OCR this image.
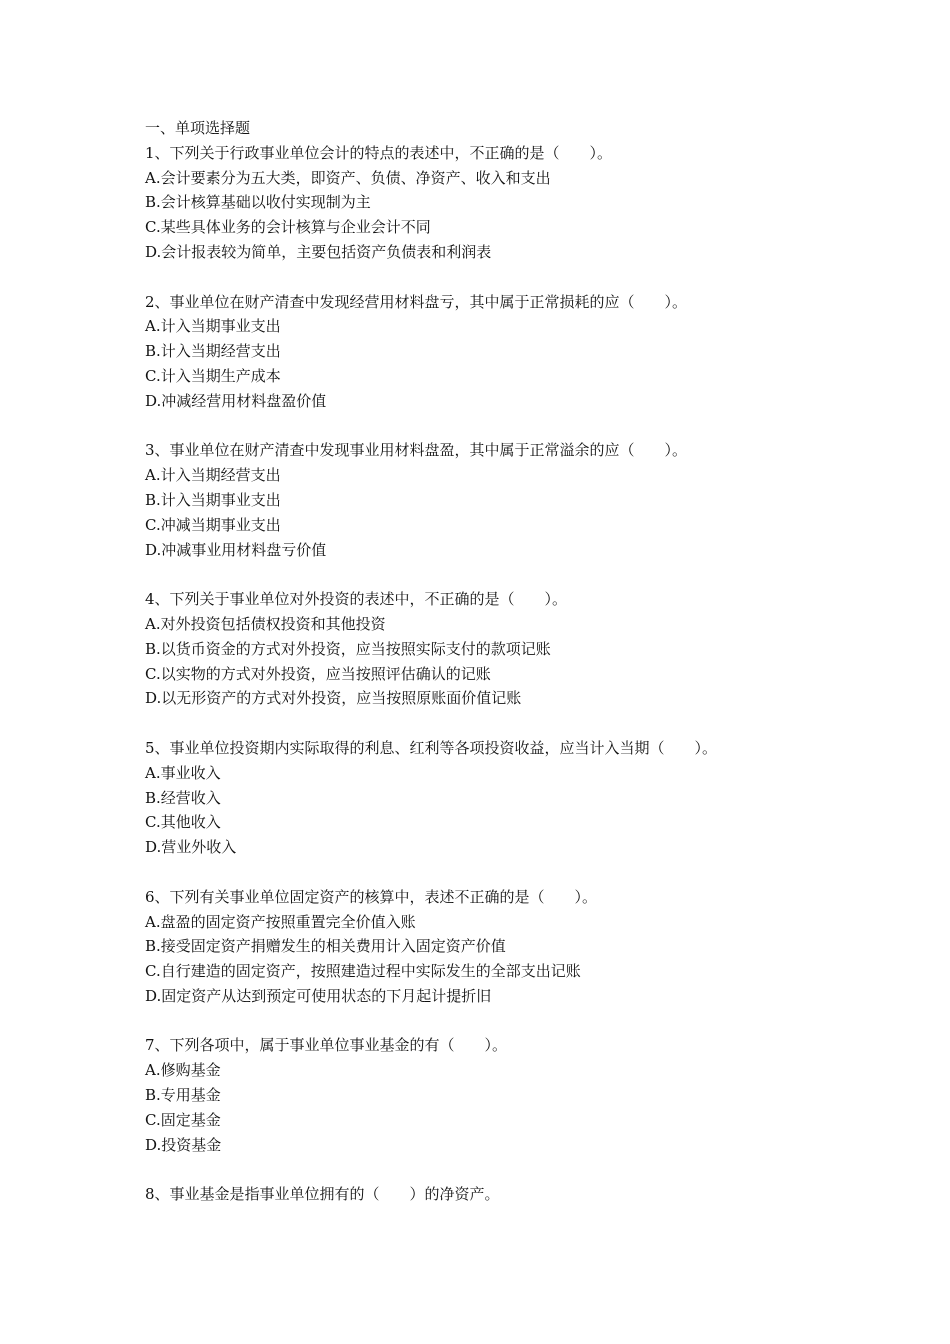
一、单项选择题
1、下列关于行政事业单位会计的特点的表述中，不正确的是（　　）。
A.会计要素分为五大类，即资产、负债、净资产、收入和支出
B.会计核算基础以收付实现制为主
C.某些具体业务的会计核算与企业会计不同
D.会计报表较为简单，主要包括资产负债表和利润表
2、事业单位在财产清查中发现经营用材料盘亏，其中属于正常损耗的应（　　）。
A.计入当期事业支出
B.计入当期经营支出
C.计入当期生产成本
D.冲减经营用材料盘盈价值
3、事业单位在财产清查中发现事业用材料盘盈，其中属于正常溢余的应（　　）。
A.计入当期经营支出
B.计入当期事业支出
C.冲减当期事业支出
D.冲减事业用材料盘亏价值
4、下列关于事业单位对外投资的表述中，不正确的是（　　）。
A.对外投资包括债权投资和其他投资
B.以货币资金的方式对外投资，应当按照实际支付的款项记账
C.以实物的方式对外投资，应当按照评估确认的记账
D.以无形资产的方式对外投资，应当按照原账面价值记账
5、事业单位投资期内实际取得的利息、红利等各项投资收益，应当计入当期（　　）。
A.事业收入
B.经营收入
C.其他收入
D.营业外收入
6、下列有关事业单位固定资产的核算中，表述不正确的是（　　）。
A.盘盈的固定资产按照重置完全价值入账
B.接受固定资产捐赠发生的相关费用计入固定资产价值
C.自行建造的固定资产，按照建造过程中实际发生的全部支出记账
D.固定资产从达到预定可使用状态的下月起计提折旧
7、下列各项中，属于事业单位事业基金的有（　　）。
A.修购基金
B.专用基金
C.固定基金
D.投资基金
8、事业基金是指事业单位拥有的（　　）的净资产。
